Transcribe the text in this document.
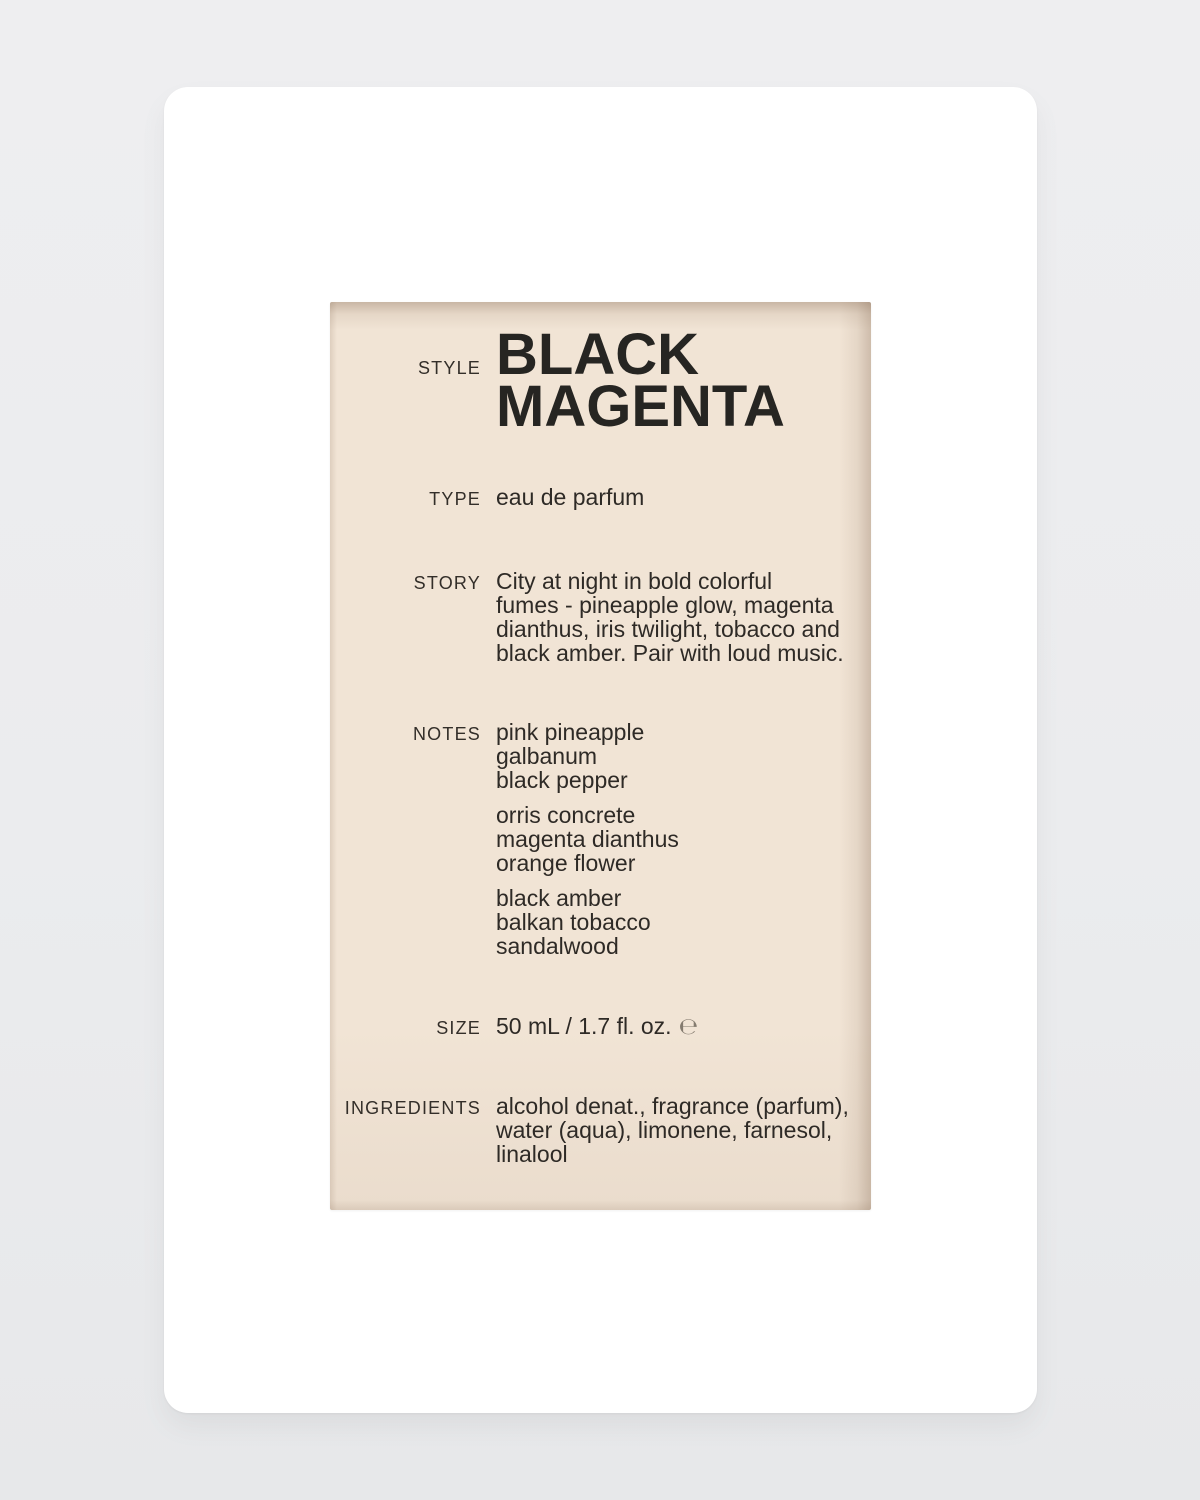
STYLE BLACK
MAGENTA
TYPE eau de parfum
STORY City at night in bold colorful
fumes - pineapple glow, magenta
dianthus, iris twilight, tobacco and
black amber. Pair with loud music.
NOTES pink pineapple
galbanum
black pepper
orris concrete
magenta dianthus
orange flower
black amber
balkan tobacco
sandalwood
SIZE 50 mL / 1.7 fl. oz. ℮
INGREDIENTS alcohol denat., fragrance (parfum),
water (aqua), limonene, farnesol,
linalool
